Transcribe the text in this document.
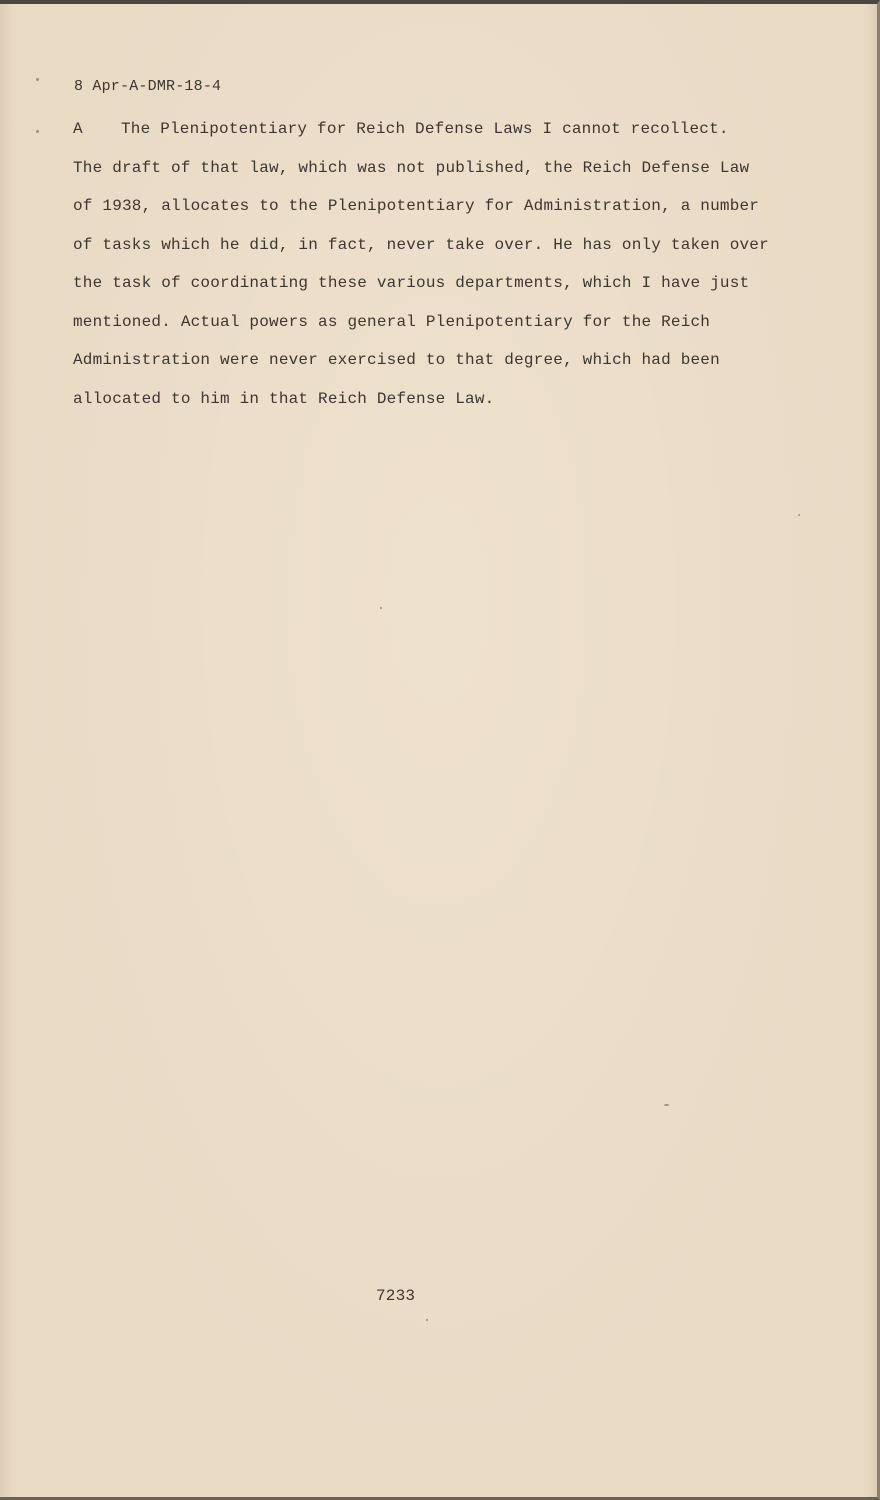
8 Apr-A-DMR-18-4
A The Plenipotentiary for Reich Defense Laws I cannot recollect.
The draft of that law, which was not published, the Reich Defense Law
of 1938, allocates to the Plenipotentiary for Administration, a number
of tasks which he did, in fact, never take over. He has only taken over
the task of coordinating these various departments, which I have just
mentioned. Actual powers as general Plenipotentiary for the Reich
Administration were never exercised to that degree, which had been
allocated to him in that Reich Defense Law.
7233
